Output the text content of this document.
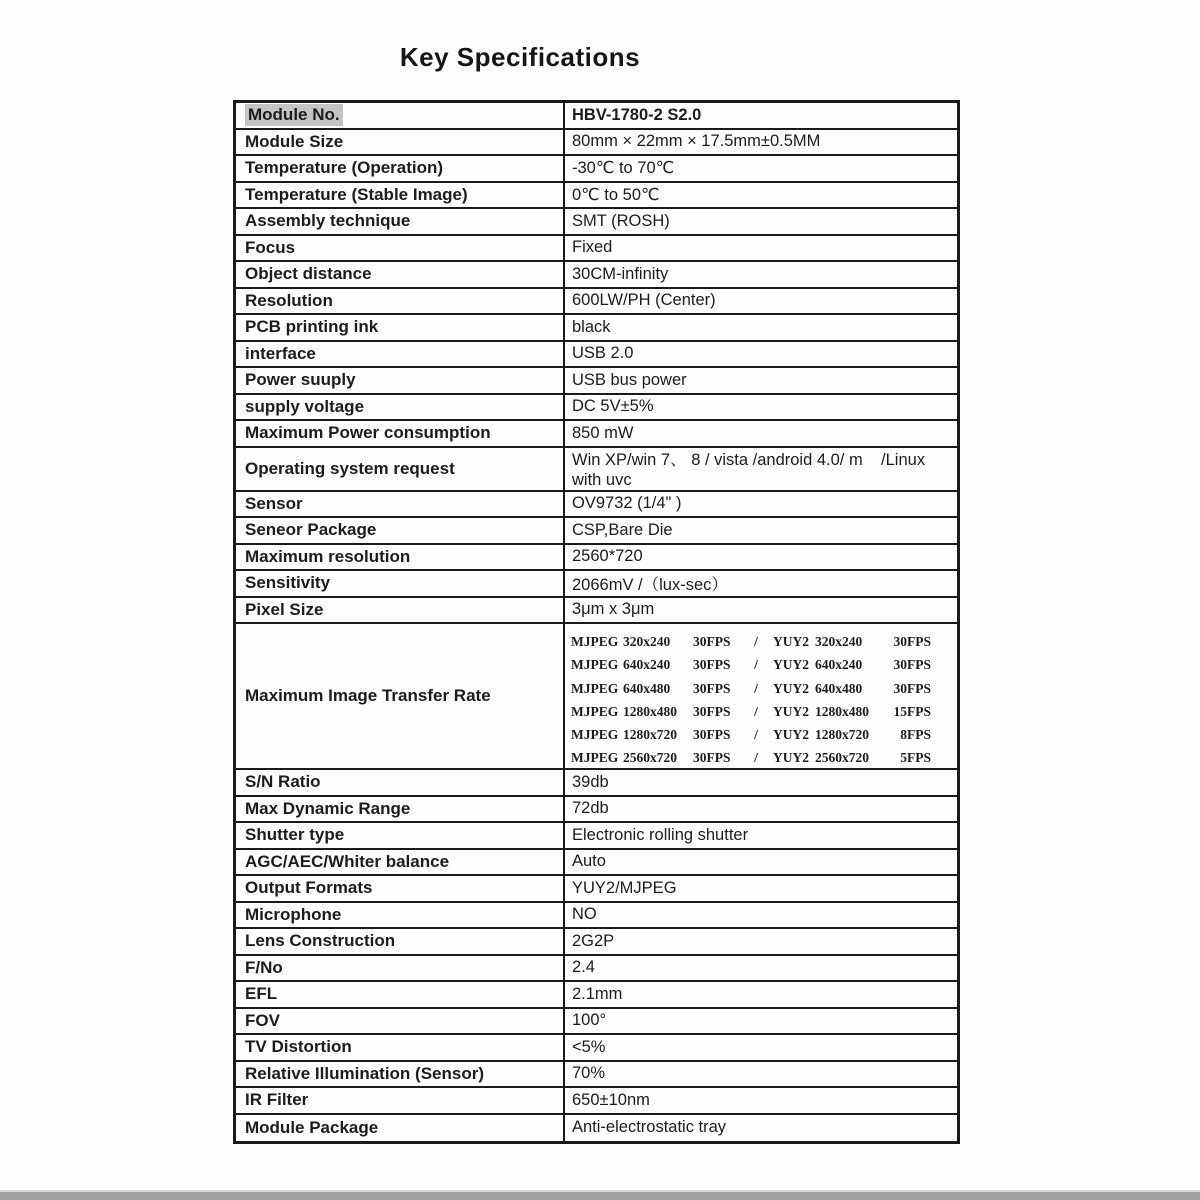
Key Specifications
Module No.	HBV-1780-2 S2.0
Module Size	80mm × 22mm × 17.5mm±0.5MM
Temperature (Operation)	-30℃ to 70℃
Temperature (Stable Image)	0℃ to 50℃
Assembly technique	SMT (ROSH)
Focus	Fixed
Object distance	30CM-infinity
Resolution	600LW/PH (Center)
PCB printing ink	black
interface	USB 2.0
Power suuply	USB bus power
supply voltage	DC 5V±5%
Maximum Power consumption	850 mW
Operating system request	Win XP/win 7、 8 / vista /android 4.0/ m    /Linux with uvc
Sensor	OV9732 (1/4" )
Seneor Package	CSP,Bare Die
Maximum resolution	2560*720
Sensitivity	2066mV /（lux-sec）
Pixel Size	3μm x 3μm
Maximum Image Transfer Rate
MJPEG 320x240 30FPS / YUY2 320x240 30FPS
MJPEG 640x240 30FPS / YUY2 640x240 30FPS
MJPEG 640x480 30FPS / YUY2 640x480 30FPS
MJPEG 1280x480 30FPS / YUY2 1280x480 15FPS
MJPEG 1280x720 30FPS / YUY2 1280x720 8FPS
MJPEG 2560x720 30FPS / YUY2 2560x720 5FPS
S/N Ratio	39db
Max Dynamic Range	72db
Shutter type	Electronic rolling shutter
AGC/AEC/Whiter balance	Auto
Output Formats	YUY2/MJPEG
Microphone	NO
Lens Construction	2G2P
F/No	2.4
EFL	2.1mm
FOV	100°
TV Distortion	<5%
Relative Illumination (Sensor)	70%
IR Filter	650±10nm
Module Package	Anti-electrostatic tray
